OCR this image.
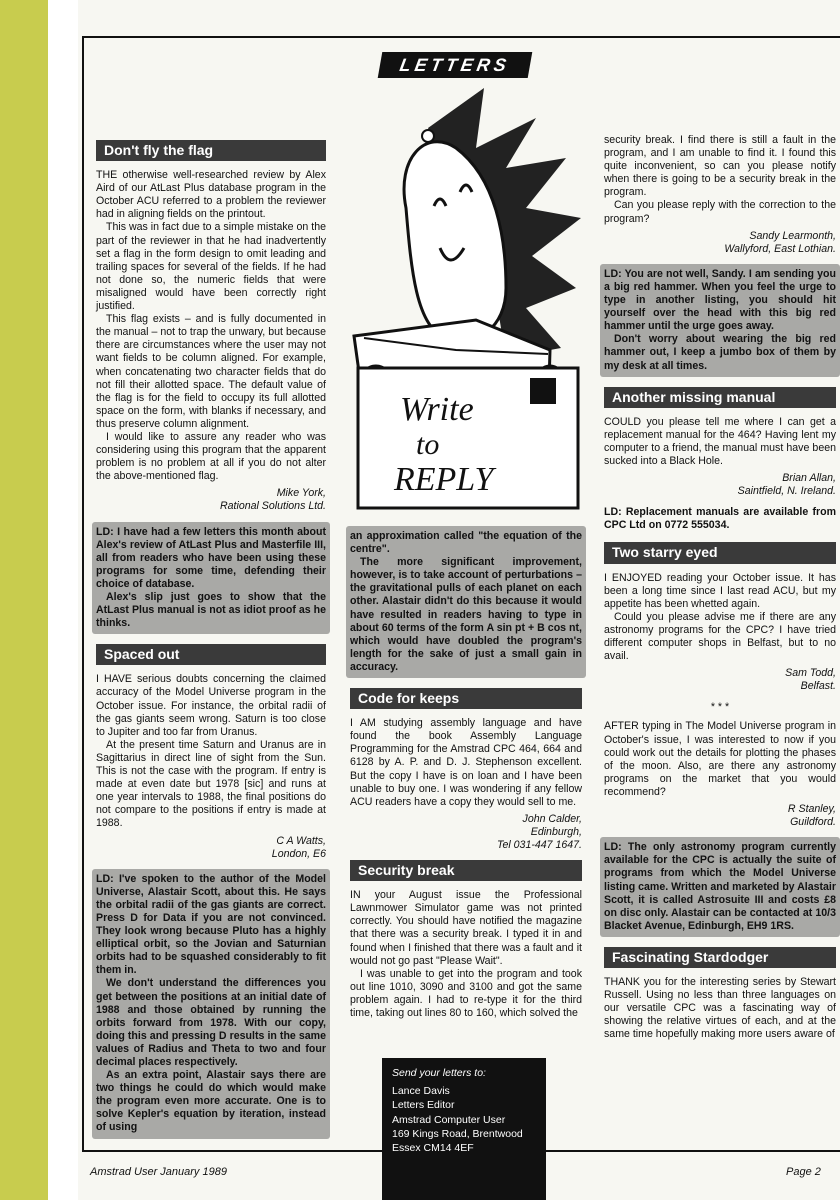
LETTERS
Write
to
REPLY
Don't fly the flag

THE otherwise well-researched review by Alex Aird of our AtLast Plus database program in the October ACU referred to a problem the reviewer had in aligning fields on the printout.

This was in fact due to a simple mistake on the part of the reviewer in that he had inadvertently set a flag in the form design to omit leading and trailing spaces for several of the fields. If he had not done so, the numeric fields that were misaligned would have been correctly right justified.

This flag exists – and is fully documented in the manual – not to trap the unwary, but because there are circumstances where the user may not want fields to be column aligned. For example, when concatenating two character fields that do not fill their allotted space. The default value of the flag is for the field to occupy its full allotted space on the form, with blanks if necessary, and thus preserve column alignment.

I would like to assure any reader who was considering using this program that the apparent problem is no problem at all if you do not alter the above-mentioned flag.

Mike York,
Rational Solutions Ltd.

LD: I have had a few letters this month about Alex's review of AtLast Plus and Masterfile III, all from readers who have been using these programs for some time, defending their choice of database.

Alex's slip just goes to show that the AtLast Plus manual is not as idiot proof as he thinks.

Spaced out

I HAVE serious doubts concerning the claimed accuracy of the Model Universe program in the October issue. For instance, the orbital radii of the gas giants seem wrong. Saturn is too close to Jupiter and too far from Uranus.

At the present time Saturn and Uranus are in Sagittarius in direct line of sight from the Sun. This is not the case with the program. If entry is made at even date but 1978 [sic] and runs at one year intervals to 1988, the final positions do not compare to the positions if entry is made at 1988.

C A Watts,
London, E6

LD: I've spoken to the author of the Model Universe, Alastair Scott, about this. He says the orbital radii of the gas giants are correct. Press D for Data if you are not convinced. They look wrong because Pluto has a highly elliptical orbit, so the Jovian and Saturnian orbits had to be squashed considerably to fit them in.

We don't understand the differences you get between the positions at an initial date of 1988 and those obtained by running the orbits forward from 1978. With our copy, doing this and pressing D results in the same values of Radius and Theta to two and four decimal places respectively.

As an extra point, Alastair says there are two things he could do which would make the program even more accurate. One is to solve Kepler's equation by iteration, instead of using

an approximation called "the equation of the centre".

The more significant improvement, however, is to take account of perturbations – the gravitational pulls of each planet on each other. Alastair didn't do this because it would have resulted in readers having to type in about 60 terms of the form A sin pt + B cos nt, which would have doubled the program's length for the sake of just a small gain in accuracy.

Code for keeps

I AM studying assembly language and have found the book Assembly Language Programming for the Amstrad CPC 464, 664 and 6128 by A. P. and D. J. Stephenson excellent. But the copy I have is on loan and I have been unable to buy one. I was wondering if any fellow ACU readers have a copy they would sell to me.

John Calder,
Edinburgh,
Tel 031-447 1647.
Security break

IN your August issue the Professional Lawnmower Simulator game was not printed correctly. You should have notified the magazine that there was a security break. I typed it in and found when I finished that there was a fault and it would not go past "Please Wait".

I was unable to get into the program and took out line 1010, 3090 and 3100 and got the same problem again. I had to re-type it for the third time, taking out lines 80 to 160, which solved the

Send your letters to:
Lance Davis
Letters Editor
Amstrad Computer User
169 Kings Road, Brentwood
Essex CM14 4EF

security break. I find there is still a fault in the program, and I am unable to find it. I found this quite inconvenient, so can you please notify when there is going to be a security break in the program.

Can you please reply with the correction to the program?

Sandy Learmonth,
Wallyford, East Lothian.

LD: You are not well, Sandy. I am sending you a big red hammer. When you feel the urge to type in another listing, you should hit yourself over the head with this big red hammer until the urge goes away.

Don't worry about wearing the big red hammer out, I keep a jumbo box of them by my desk at all times.

Another missing manual

COULD you please tell me where I can get a replacement manual for the 464? Having lent my computer to a friend, the manual must have been sucked into a Black Hole.

Brian Allan,
Saintfield, N. Ireland.

LD: Replacement manuals are available from CPC Ltd on 0772 555034.

Two starry eyed

I ENJOYED reading your October issue. It has been a long time since I last read ACU, but my appetite has been whetted again.

Could you please advise me if there are any astronomy programs for the CPC? I have tried different computer shops in Belfast, but to no avail.

Sam Todd,
Belfast.
* * *

AFTER typing in The Model Universe program in October's issue, I was interested to now if you could work out the details for plotting the phases of the moon. Also, are there any astronomy programs on the market that you would recommend?

R Stanley,
Guildford.

LD: The only astronomy program currently available for the CPC is actually the suite of programs from which the Model Universe listing came. Written and marketed by Alastair Scott, it is called Astrosuite III and costs £8 on disc only. Alastair can be contacted at 10/3 Blacket Avenue, Edinburgh, EH9 1RS.

Fascinating Stardodger

THANK you for the interesting series by Stewart Russell. Using no less than three languages on our versatile CPC was a fascinating way of showing the relative virtues of each, and at the same time hopefully making more users aware of

Amstrad User January 1989	Page 2
